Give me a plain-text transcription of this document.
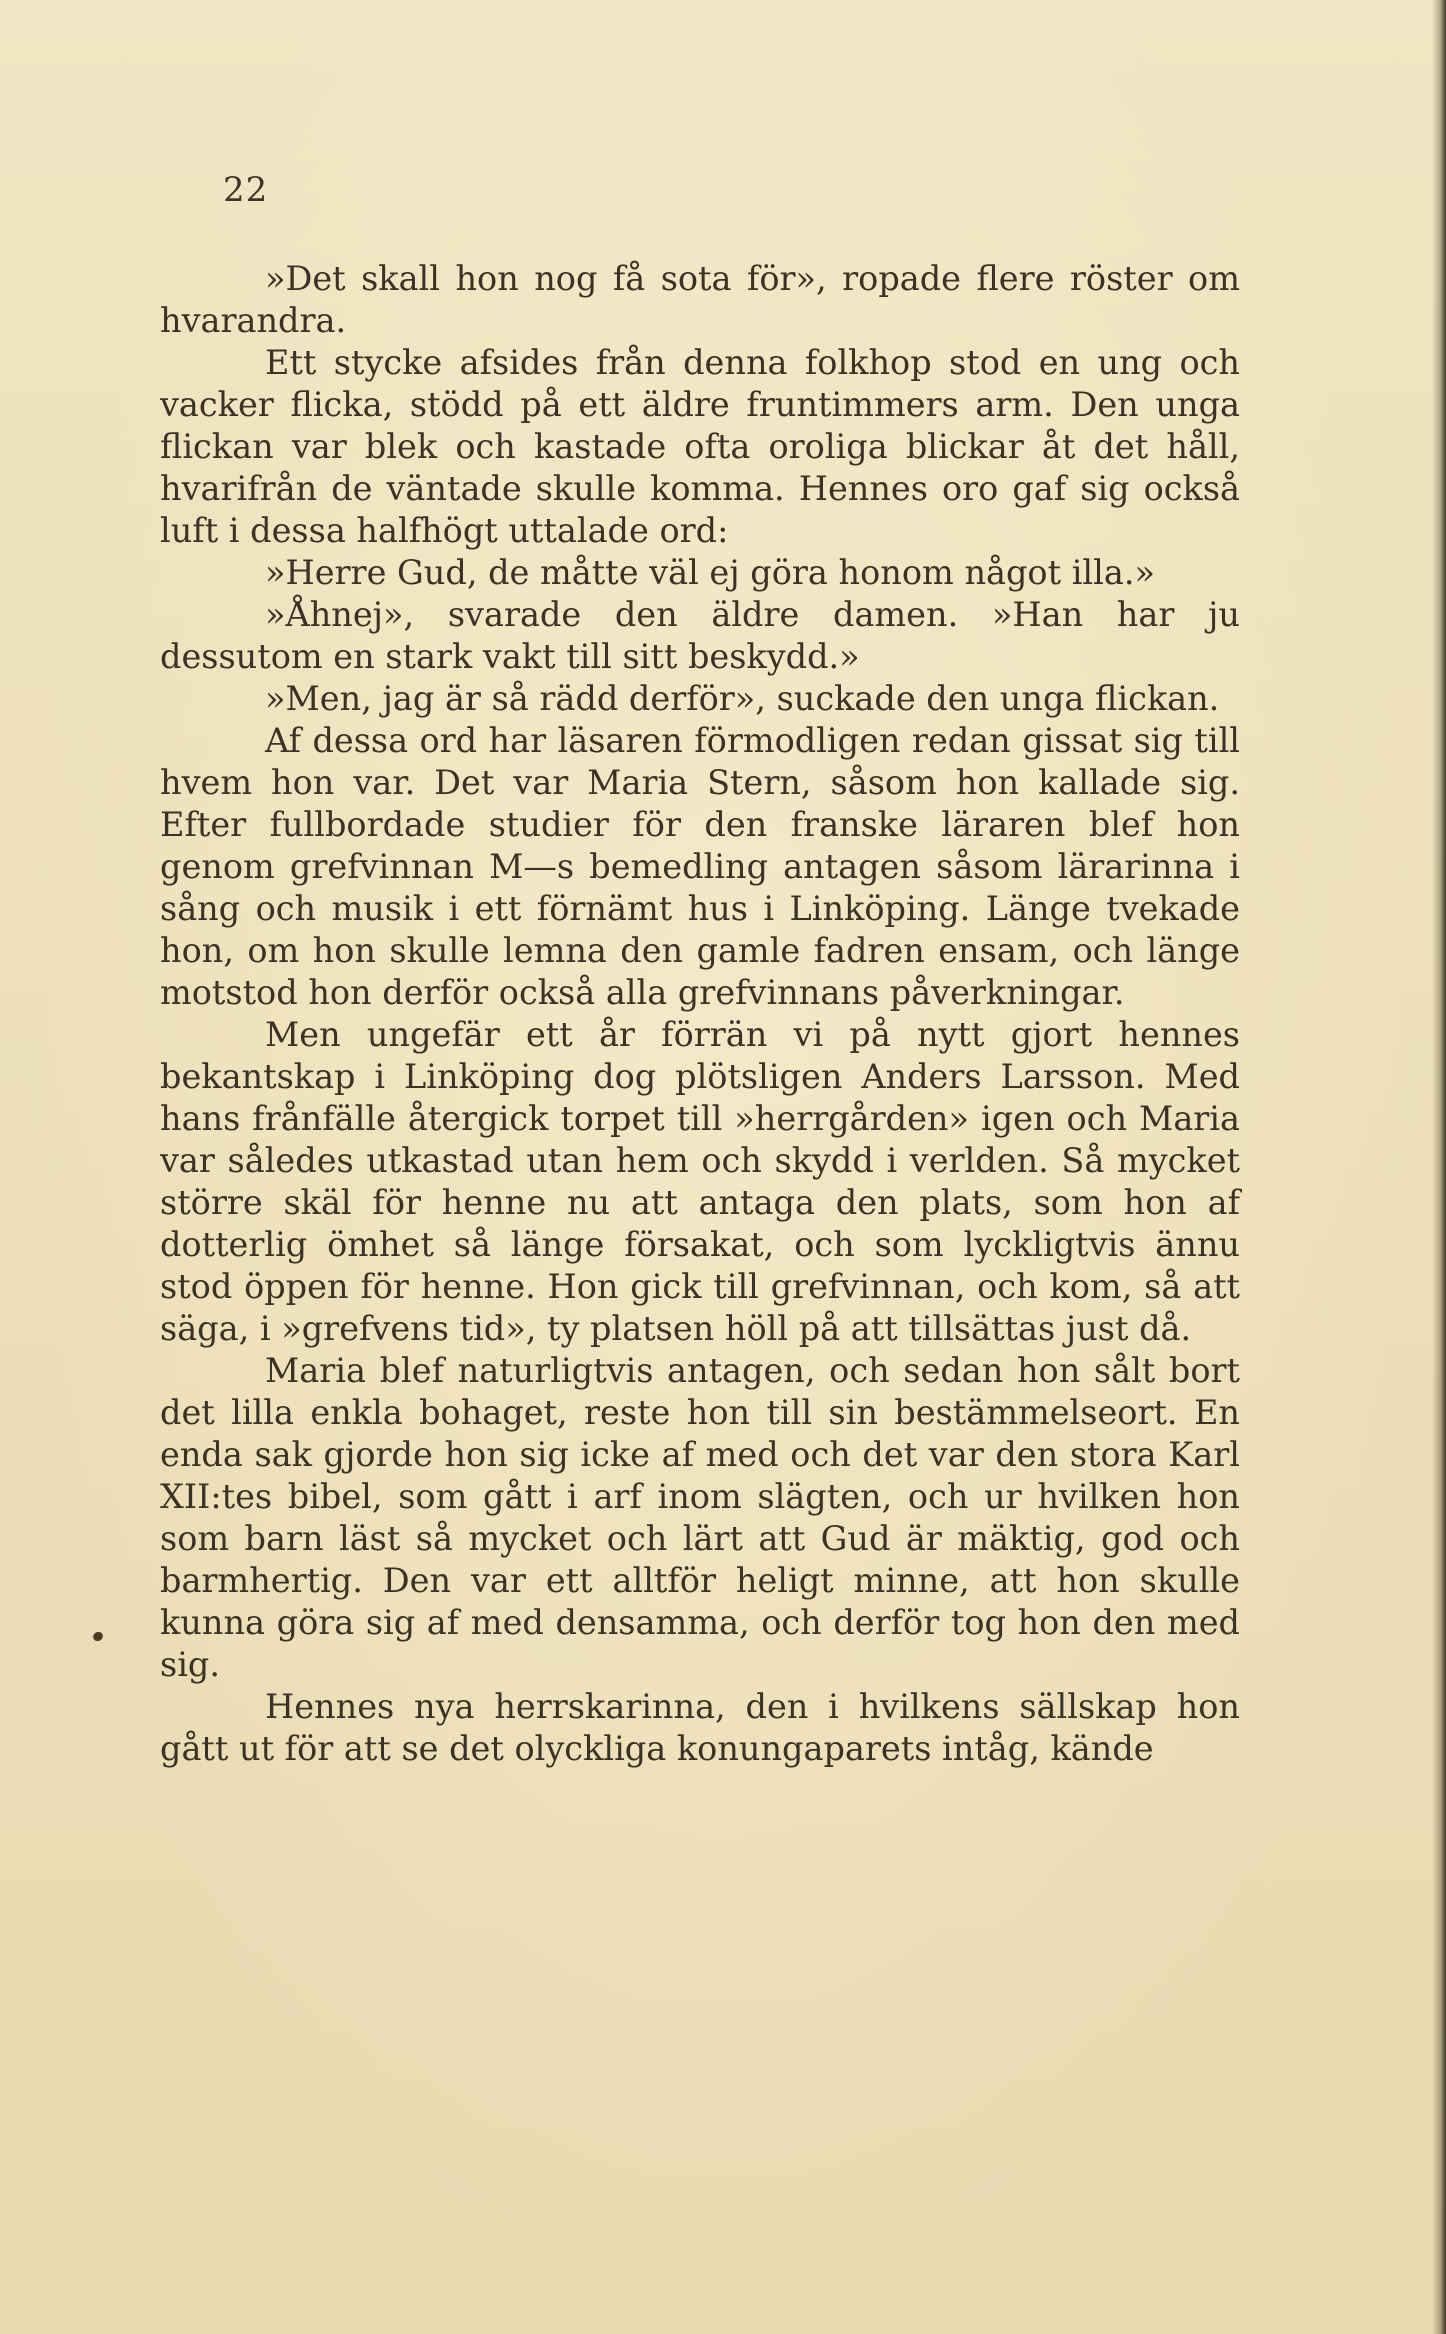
22

»Det skall hon nog få sota för», ropade flere röster om hvarandra.

Ett stycke afsides från denna folkhop stod en ung och vacker flicka, stödd på ett äldre fruntimmers arm. Den unga flickan var blek och kastade ofta oroliga blickar åt det håll, hvarifrån de väntade skulle komma. Hennes oro gaf sig också luft i dessa halfhögt uttalade ord:

»Herre Gud, de måtte väl ej göra honom något illa.»

»Åhnej», svarade den äldre damen. »Han har ju dessutom en stark vakt till sitt beskydd.»

»Men, jag är så rädd derför», suckade den unga flickan.

Af dessa ord har läsaren förmodligen redan gissat sig till hvem hon var. Det var Maria Stern, såsom hon kallade sig. Efter fullbordade studier för den franske läraren blef hon genom grefvinnan M—s bemedling antagen såsom lärarinna i sång och musik i ett förnämt hus i Linköping. Länge tvekade hon, om hon skulle lemna den gamle fadren ensam, och länge motstod hon derför också alla grefvinnans påverkningar.

Men ungefär ett år förrän vi på nytt gjort hennes bekantskap i Linköping dog plötsligen Anders Larsson. Med hans frånfälle återgick torpet till »herrgården» igen och Maria var således utkastad utan hem och skydd i verlden. Så mycket större skäl för henne nu att antaga den plats, som hon af dotterlig ömhet så länge försakat, och som lyckligtvis ännu stod öppen för henne. Hon gick till grefvinnan, och kom, så att säga, i »grefvens tid», ty platsen höll på att tillsättas just då.

Maria blef naturligtvis antagen, och sedan hon sålt bort det lilla enkla bohaget, reste hon till sin bestämmelseort. En enda sak gjorde hon sig icke af med och det var den stora Karl XII:tes bibel, som gått i arf inom slägten, och ur hvilken hon som barn läst så mycket och lärt att Gud är mäktig, god och barmhertig. Den var ett alltför heligt minne, att hon skulle kunna göra sig af med densamma, och derför tog hon den med sig.

Hennes nya herrskarinna, den i hvilkens sällskap hon gått ut för att se det olyckliga konungaparets intåg, kände
